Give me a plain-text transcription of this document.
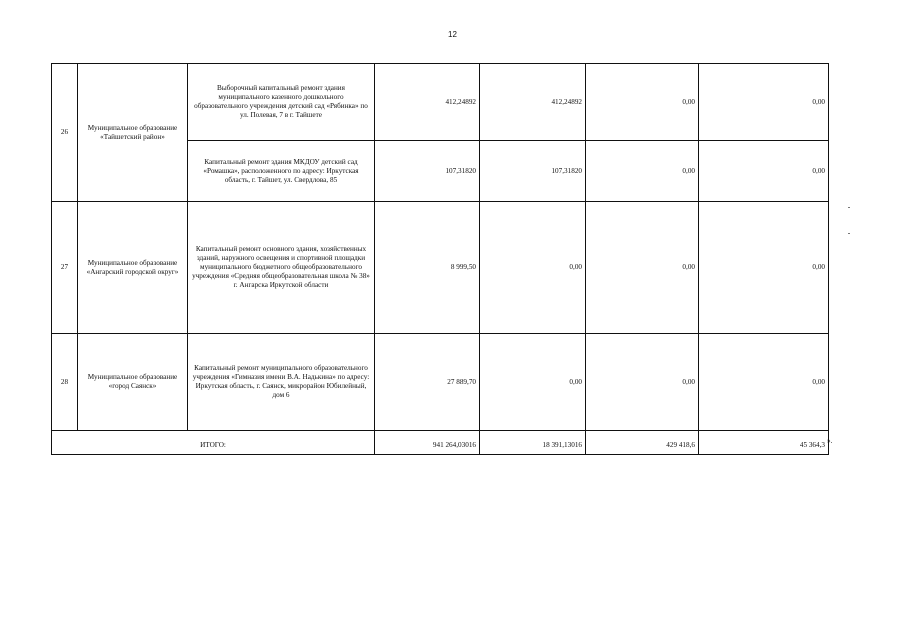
12
26	Муниципальное образование «Тайшетский район»	Выборочный капитальный ремонт здания муниципального казенного дошкольного образовательного учреждения детский сад «Рябинка» по ул. Полевая, 7 в г. Тайшете	412,24892	412,24892	0,00	0,00
		Капитальный ремонт здания МКДОУ детский сад «Ромашка», расположенного по адресу: Иркутская область, г. Тайшет, ул. Свердлова, 85	107,31820	107,31820	0,00	0,00
27	Муниципальное образование «Ангарский городской округ»	Капитальный ремонт основного здания, хозяйственных зданий, наружного освещения и спортивной площадки муниципального бюджетного общеобразовательного учреждения «Средняя общеобразовательная школа № 38» г. Ангарска Иркутской области	8 999,50	0,00	0,00	0,00
28	Муниципальное образование «город Саянск»	Капитальный ремонт муниципального образовательного учреждения «Гимназия имени В.А. Надькина» по адресу: Иркутская область, г. Саянск, микрорайон Юбилейный, дом 6	27 889,70	0,00	0,00	0,00
ИТОГО:			941 264,03016	18 391,13016	429 418,6	45 364,3 ».
